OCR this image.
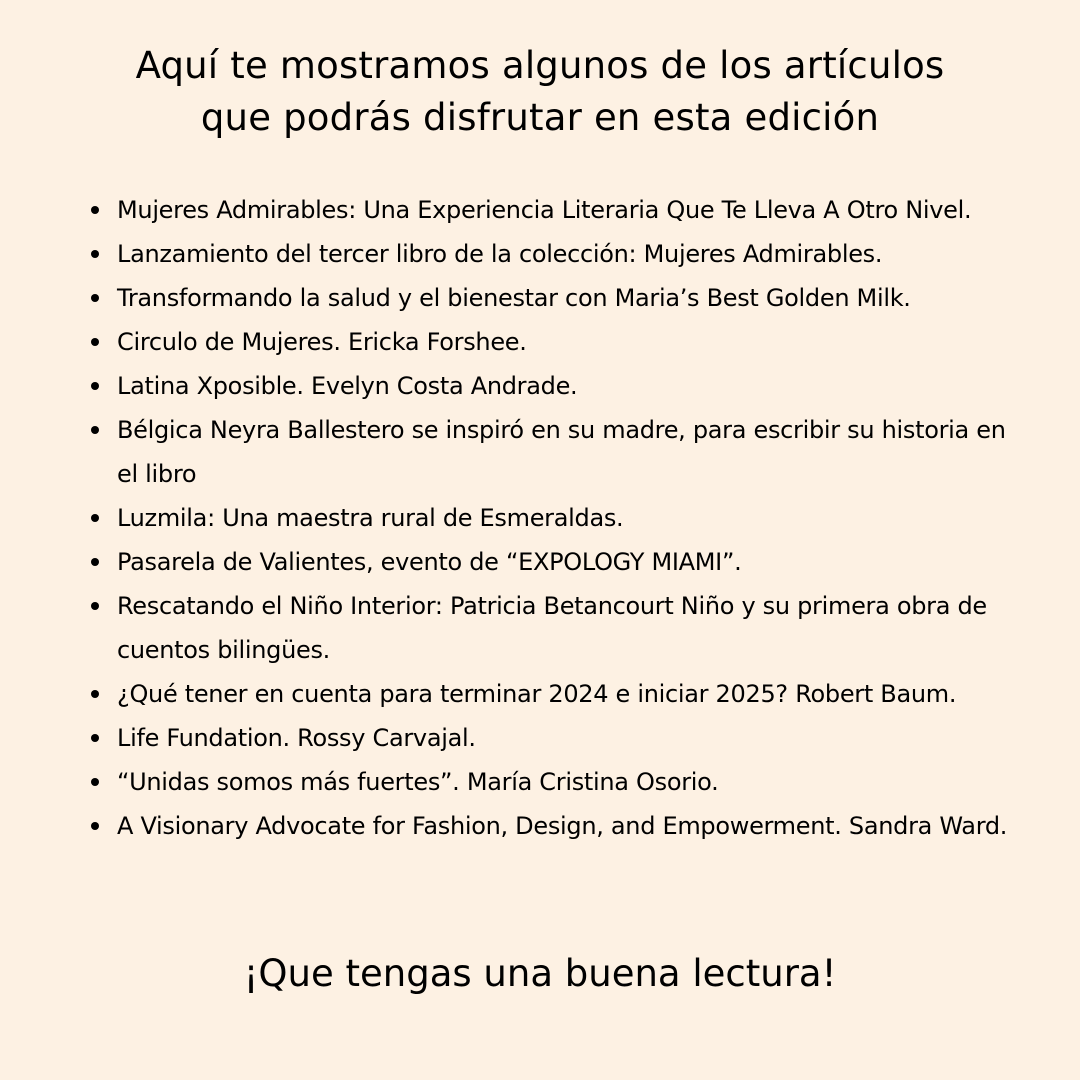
Aquí te mostramos algunos de los artículos
que podrás disfrutar en esta edición
Mujeres Admirables: Una Experiencia Literaria Que Te Lleva A Otro Nivel.
Lanzamiento del tercer libro de la colección: Mujeres Admirables.
Transformando la salud y el bienestar con Maria’s Best Golden Milk.
Circulo de Mujeres. Ericka Forshee.
Latina Xposible. Evelyn Costa Andrade.
Bélgica Neyra Ballestero se inspiró en su madre, para escribir su historia en el libro
Luzmila: Una maestra rural de Esmeraldas.
Pasarela de Valientes, evento de “EXPOLOGY MIAMI”.
Rescatando el Niño Interior: Patricia Betancourt Niño y su primera obra de cuentos bilingües.
¿Qué tener en cuenta para terminar 2024 e iniciar 2025? Robert Baum.
Life Fundation. Rossy Carvajal.
“Unidas somos más fuertes”. María Cristina Osorio.
A Visionary Advocate for Fashion, Design, and Empowerment. Sandra Ward.

¡Que tengas una buena lectura!
